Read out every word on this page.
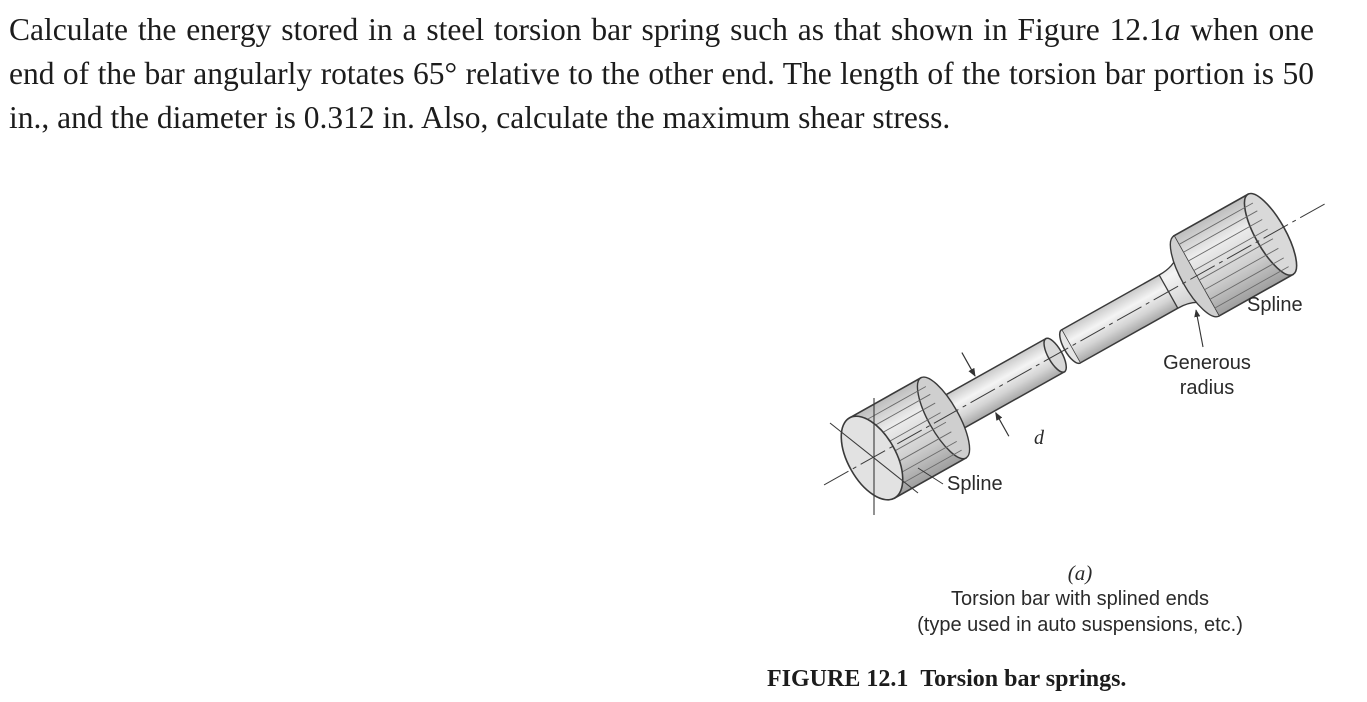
Calculate the energy stored in a steel torsion bar spring such as that shown in Figure 12.1a when one end of the bar angularly rotates 65° relative to the other end. The length of the torsion bar portion is 50 in., and the diameter is 0.312 in. Also, calculate the maximum shear stress.

Spline
Generous
radius
d
Spline
(a)
Torsion bar with splined ends
(type used in auto suspensions, etc.)
FIGURE 12.1 Torsion bar springs.
